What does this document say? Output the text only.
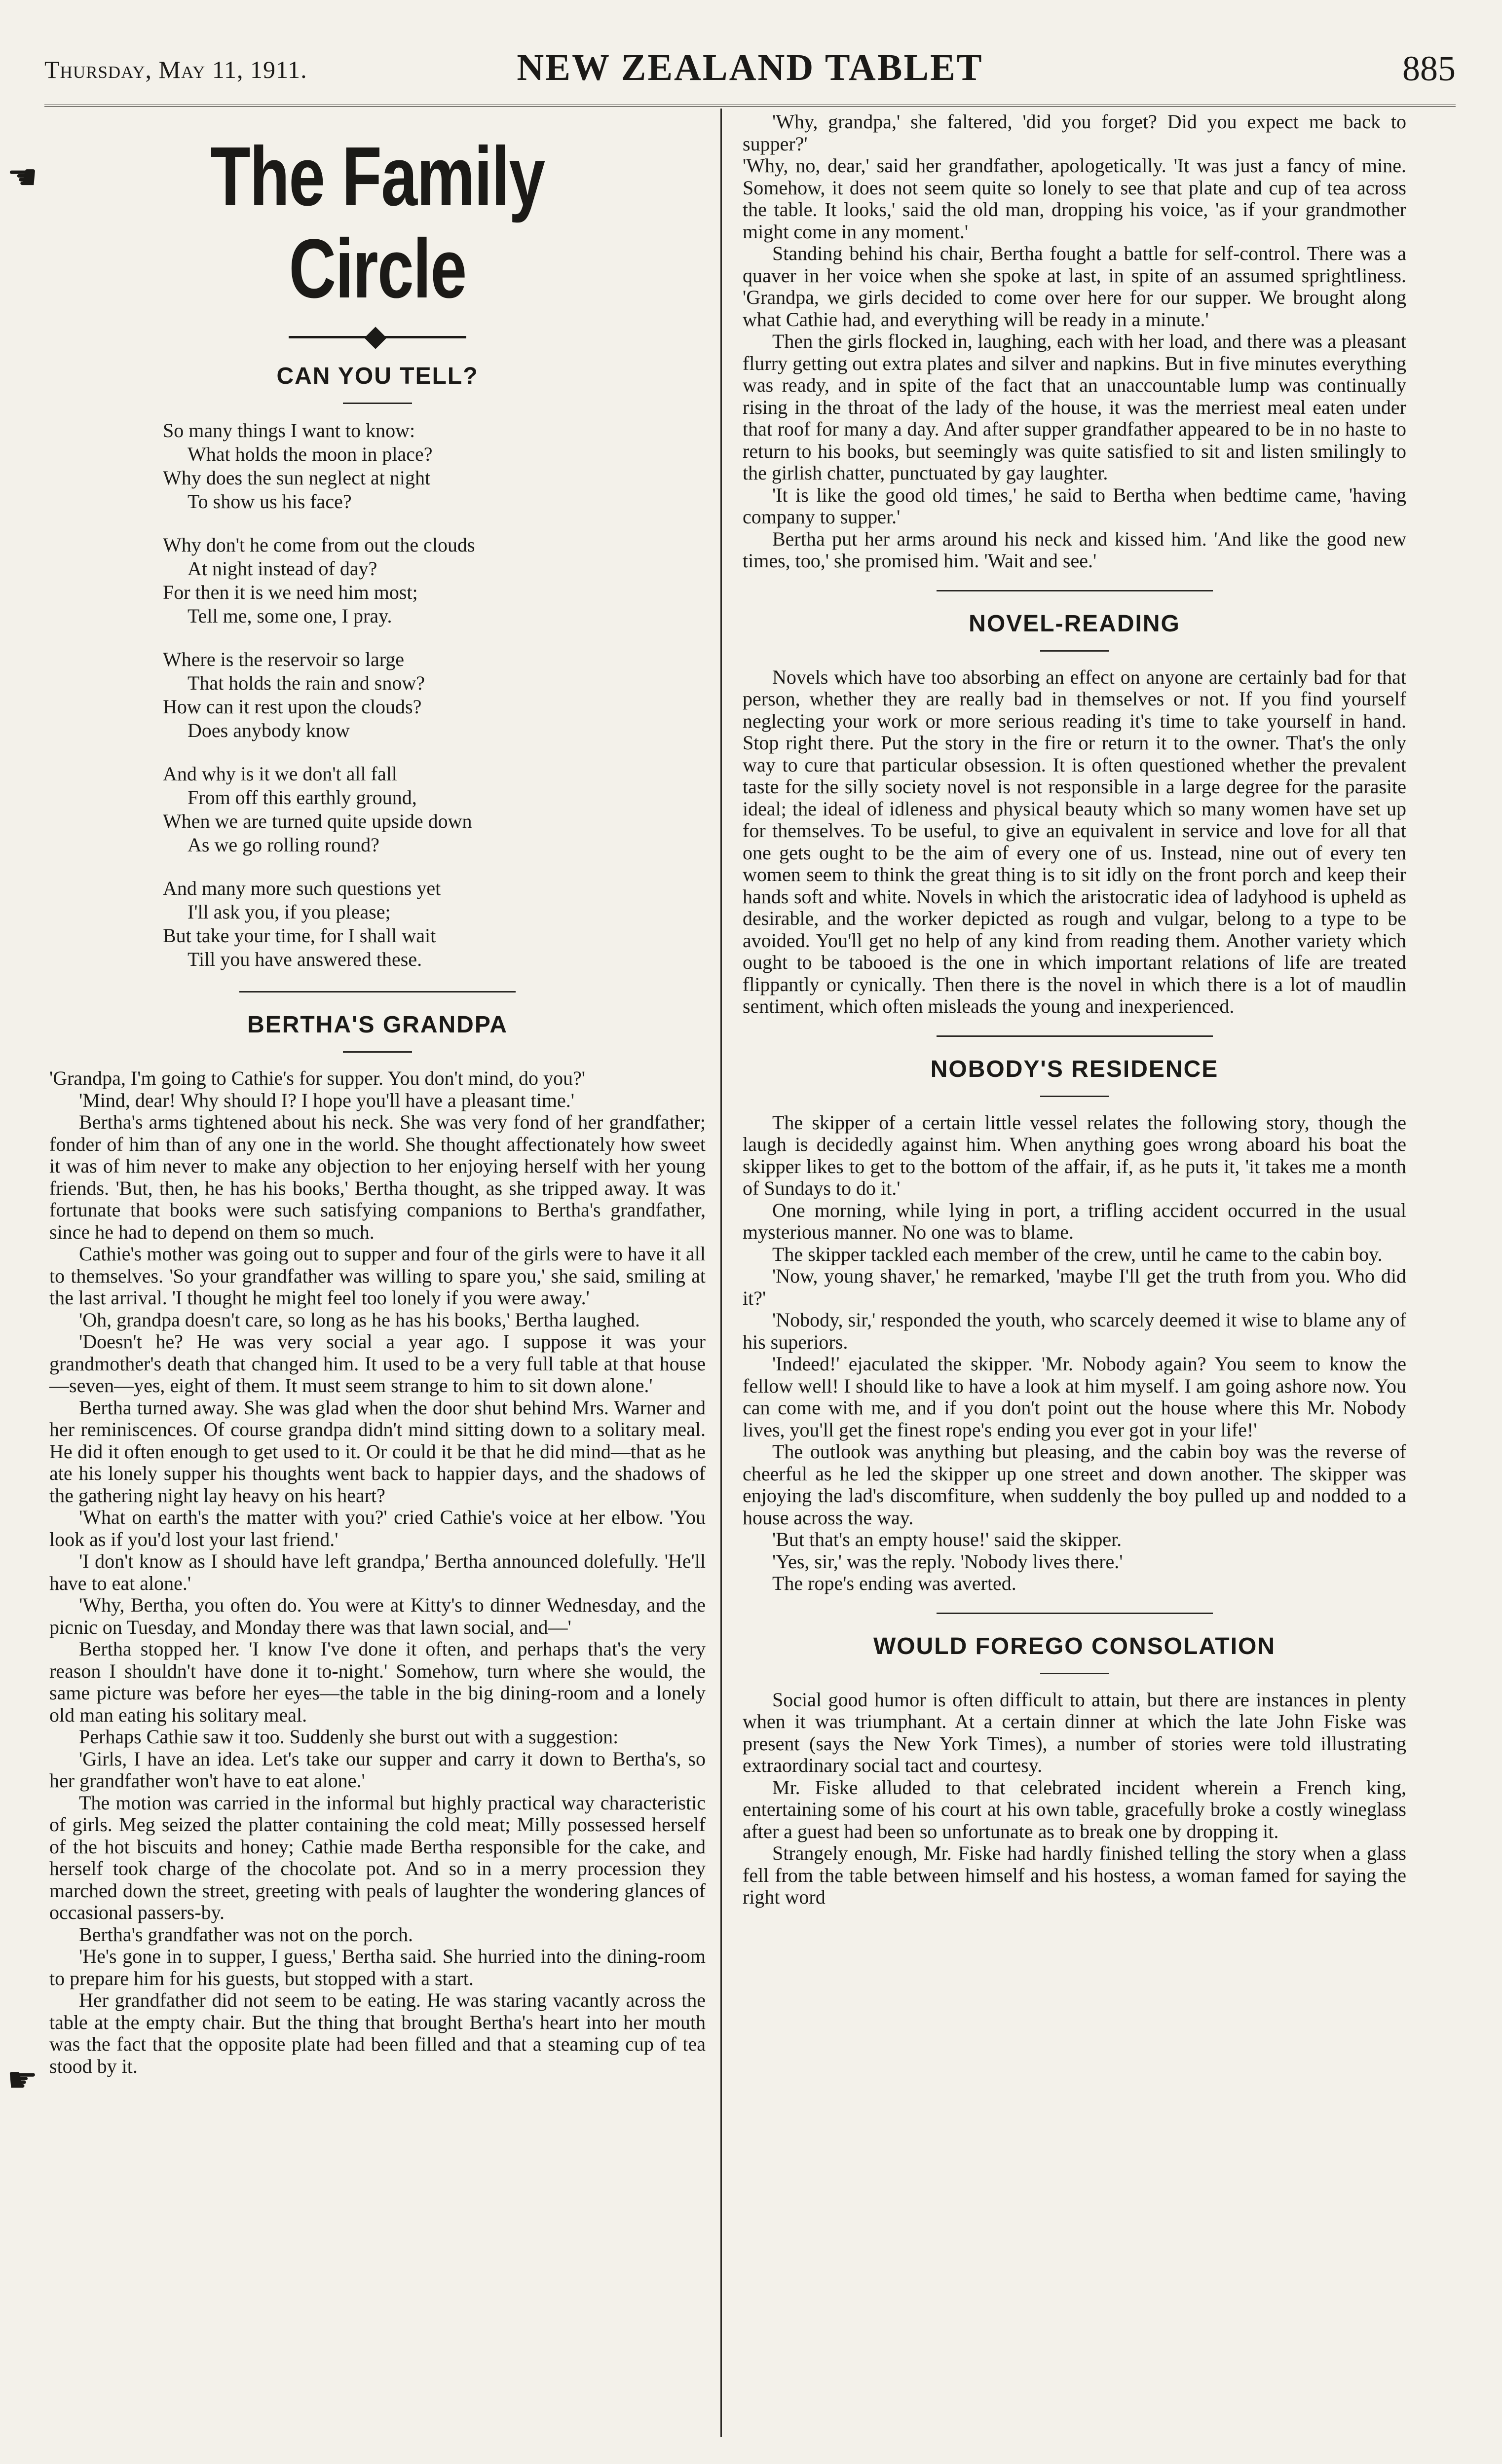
Thursday, May 11, 1911.	NEW ZEALAND TABLET	885
☚
☛
The Family Circle
CAN YOU TELL?
So many things I want to know:
What holds the moon in place?
Why does the sun neglect at night
To show us his face?
Why don't he come from out the clouds
At night instead of day?
For then it is we need him most;
Tell me, some one, I pray.
Where is the reservoir so large
That holds the rain and snow?
How can it rest upon the clouds?
Does anybody know
And why is it we don't all fall
From off this earthly ground,
When we are turned quite upside down
As we go rolling round?
And many more such questions yet
I'll ask you, if you please;
But take your time, for I shall wait
Till you have answered these.
BERTHA'S GRANDPA

'Grandpa, I'm going to Cathie's for supper. You don't mind, do you?'

'Mind, dear! Why should I? I hope you'll have a pleasant time.'

Bertha's arms tightened about his neck. She was very fond of her grandfather; fonder of him than of any one in the world. She thought affectionately how sweet it was of him never to make any objection to her enjoying herself with her young friends. 'But, then, he has his books,' Bertha thought, as she tripped away. It was fortunate that books were such satisfying companions to Bertha's grandfather, since he had to depend on them so much.

Cathie's mother was going out to supper and four of the girls were to have it all to themselves. 'So your grandfather was willing to spare you,' she said, smiling at the last arrival. 'I thought he might feel too lonely if you were away.'

'Oh, grandpa doesn't care, so long as he has his books,' Bertha laughed.

'Doesn't he? He was very social a year ago. I suppose it was your grandmother's death that changed him. It used to be a very full table at that house—seven—yes, eight of them. It must seem strange to him to sit down alone.'

Bertha turned away. She was glad when the door shut behind Mrs. Warner and her reminiscences. Of course grandpa didn't mind sitting down to a solitary meal. He did it often enough to get used to it. Or could it be that he did mind—that as he ate his lonely supper his thoughts went back to happier days, and the shadows of the gathering night lay heavy on his heart?

'What on earth's the matter with you?' cried Cathie's voice at her elbow. 'You look as if you'd lost your last friend.'

'I don't know as I should have left grandpa,' Bertha announced dolefully. 'He'll have to eat alone.'

'Why, Bertha, you often do. You were at Kitty's to dinner Wednesday, and the picnic on Tuesday, and Monday there was that lawn social, and—'

Bertha stopped her. 'I know I've done it often, and perhaps that's the very reason I shouldn't have done it to-night.' Somehow, turn where she would, the same picture was before her eyes—the table in the big dining-room and a lonely old man eating his solitary meal.

Perhaps Cathie saw it too. Suddenly she burst out with a suggestion:

'Girls, I have an idea. Let's take our supper and carry it down to Bertha's, so her grandfather won't have to eat alone.'

The motion was carried in the informal but highly practical way characteristic of girls. Meg seized the platter containing the cold meat; Milly possessed herself of the hot biscuits and honey; Cathie made Bertha responsible for the cake, and herself took charge of the chocolate pot. And so in a merry procession they marched down the street, greeting with peals of laughter the wondering glances of occasional passers-by.

Bertha's grandfather was not on the porch.

'He's gone in to supper, I guess,' Bertha said. She hurried into the dining-room to prepare him for his guests, but stopped with a start.

Her grandfather did not seem to be eating. He was staring vacantly across the table at the empty chair. But the thing that brought Bertha's heart into her mouth was the fact that the opposite plate had been filled and that a steaming cup of tea stood by it.

'Why, grandpa,' she faltered, 'did you forget? Did you expect me back to supper?'

'Why, no, dear,' said her grandfather, apologetically. 'It was just a fancy of mine. Somehow, it does not seem quite so lonely to see that plate and cup of tea across the table. It looks,' said the old man, dropping his voice, 'as if your grandmother might come in any moment.'

Standing behind his chair, Bertha fought a battle for self-control. There was a quaver in her voice when she spoke at last, in spite of an assumed sprightliness. 'Grandpa, we girls decided to come over here for our supper. We brought along what Cathie had, and everything will be ready in a minute.'

Then the girls flocked in, laughing, each with her load, and there was a pleasant flurry getting out extra plates and silver and napkins. But in five minutes everything was ready, and in spite of the fact that an unaccountable lump was continually rising in the throat of the lady of the house, it was the merriest meal eaten under that roof for many a day. And after supper grandfather appeared to be in no haste to return to his books, but seemingly was quite satisfied to sit and listen smilingly to the girlish chatter, punctuated by gay laughter.

'It is like the good old times,' he said to Bertha when bedtime came, 'having company to supper.'

Bertha put her arms around his neck and kissed him. 'And like the good new times, too,' she promised him. 'Wait and see.'

NOVEL-READING

Novels which have too absorbing an effect on anyone are certainly bad for that person, whether they are really bad in themselves or not. If you find yourself neglecting your work or more serious reading it's time to take yourself in hand. Stop right there. Put the story in the fire or return it to the owner. That's the only way to cure that particular obsession. It is often questioned whether the prevalent taste for the silly society novel is not responsible in a large degree for the parasite ideal; the ideal of idleness and physical beauty which so many women have set up for themselves. To be useful, to give an equivalent in service and love for all that one gets ought to be the aim of every one of us. Instead, nine out of every ten women seem to think the great thing is to sit idly on the front porch and keep their hands soft and white. Novels in which the aristocratic idea of ladyhood is upheld as desirable, and the worker depicted as rough and vulgar, belong to a type to be avoided. You'll get no help of any kind from reading them. Another variety which ought to be tabooed is the one in which important relations of life are treated flippantly or cynically. Then there is the novel in which there is a lot of maudlin sentiment, which often misleads the young and inexperienced.

NOBODY'S RESIDENCE

The skipper of a certain little vessel relates the following story, though the laugh is decidedly against him. When anything goes wrong aboard his boat the skipper likes to get to the bottom of the affair, if, as he puts it, 'it takes me a month of Sundays to do it.'

One morning, while lying in port, a trifling accident occurred in the usual mysterious manner. No one was to blame.

The skipper tackled each member of the crew, until he came to the cabin boy.

'Now, young shaver,' he remarked, 'maybe I'll get the truth from you. Who did it?'

'Nobody, sir,' responded the youth, who scarcely deemed it wise to blame any of his superiors.

'Indeed!' ejaculated the skipper. 'Mr. Nobody again? You seem to know the fellow well! I should like to have a look at him myself. I am going ashore now. You can come with me, and if you don't point out the house where this Mr. Nobody lives, you'll get the finest rope's ending you ever got in your life!'

The outlook was anything but pleasing, and the cabin boy was the reverse of cheerful as he led the skipper up one street and down another. The skipper was enjoying the lad's discomfiture, when suddenly the boy pulled up and nodded to a house across the way.

'But that's an empty house!' said the skipper.

'Yes, sir,' was the reply. 'Nobody lives there.'

The rope's ending was averted.

WOULD FOREGO CONSOLATION

Social good humor is often difficult to attain, but there are instances in plenty when it was triumphant. At a certain dinner at which the late John Fiske was present (says the New York Times), a number of stories were told illustrating extraordinary social tact and courtesy.

Mr. Fiske alluded to that celebrated incident wherein a French king, entertaining some of his court at his own table, gracefully broke a costly wineglass after a guest had been so unfortunate as to break one by dropping it.

Strangely enough, Mr. Fiske had hardly finished telling the story when a glass fell from the table between himself and his hostess, a woman famed for saying the right word
